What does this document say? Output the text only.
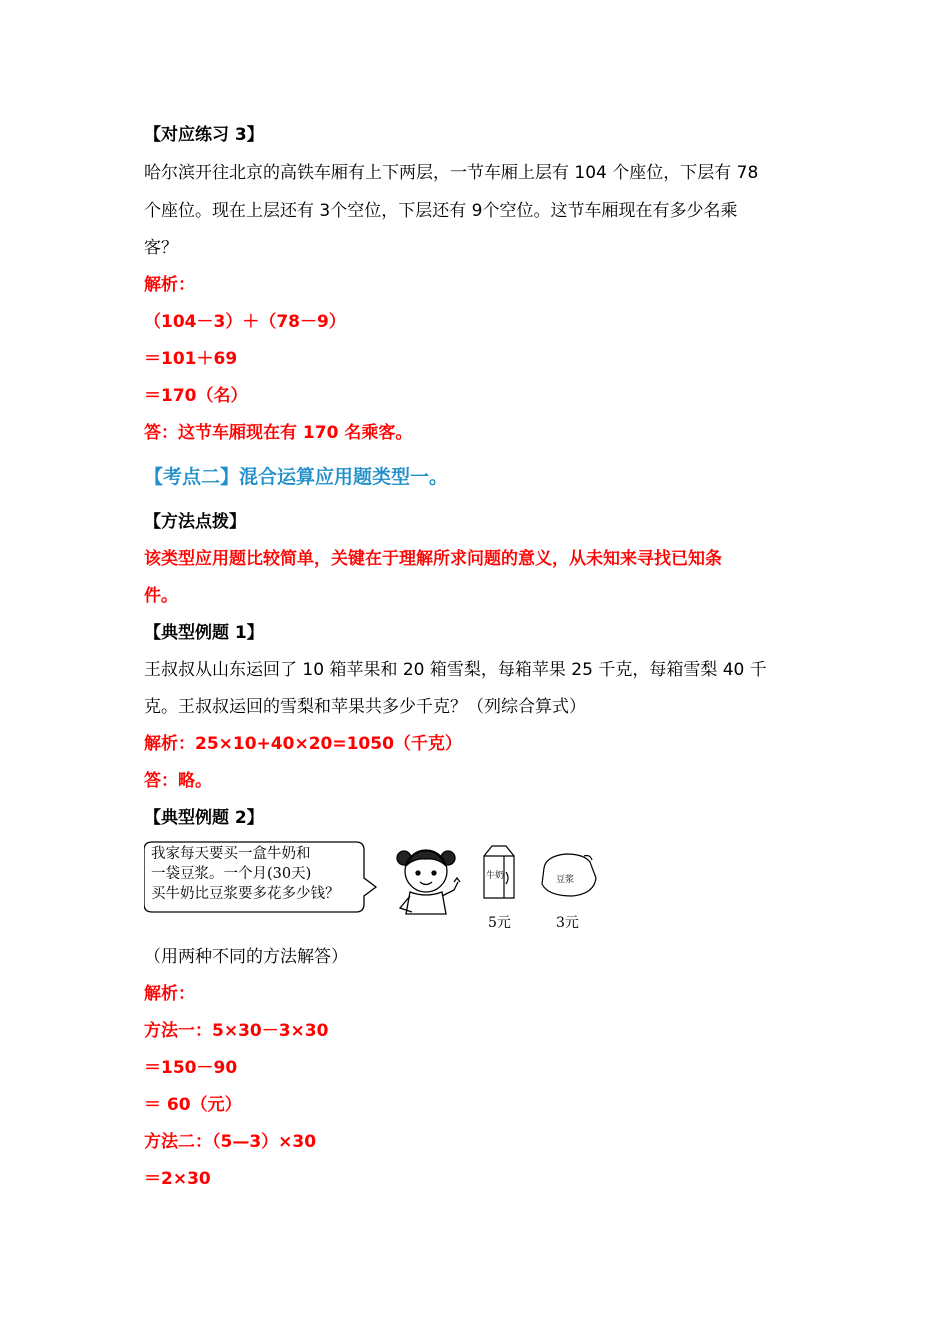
【对应练习 3】
哈尔滨开往北京的高铁车厢有上下两层，一节车厢上层有 104 个座位，下层有 78
个座位。现在上层还有 3个空位，下层还有 9个空位。这节车厢现在有多少名乘
客？
解析：
（104－3）＋（78－9）
＝101＋69
＝170（名）
答：这节车厢现在有 170 名乘客。
【考点二】混合运算应用题类型一。
【方法点拨】
该类型应用题比较简单，关键在于理解所求问题的意义，从未知来寻找已知条
件。
【典型例题 1】
王叔叔从山东运回了 10 箱苹果和 20 箱雪梨，每箱苹果 25 千克，每箱雪梨 40 千
克。王叔叔运回的雪梨和苹果共多少千克？（列综合算式）
解析：25×10+40×20=1050（千克）
答：略。
【典型例题 2】
我家每天要买一盒牛奶和
一袋豆浆。一个月(30天)
买牛奶比豆浆要多花多少钱？
牛奶	豆浆
5元	3元
（用两种不同的方法解答）
解析：
方法一：5×30－3×30
＝150－90
＝ 60（元）
方法二：（5—3）×30
＝2×30
